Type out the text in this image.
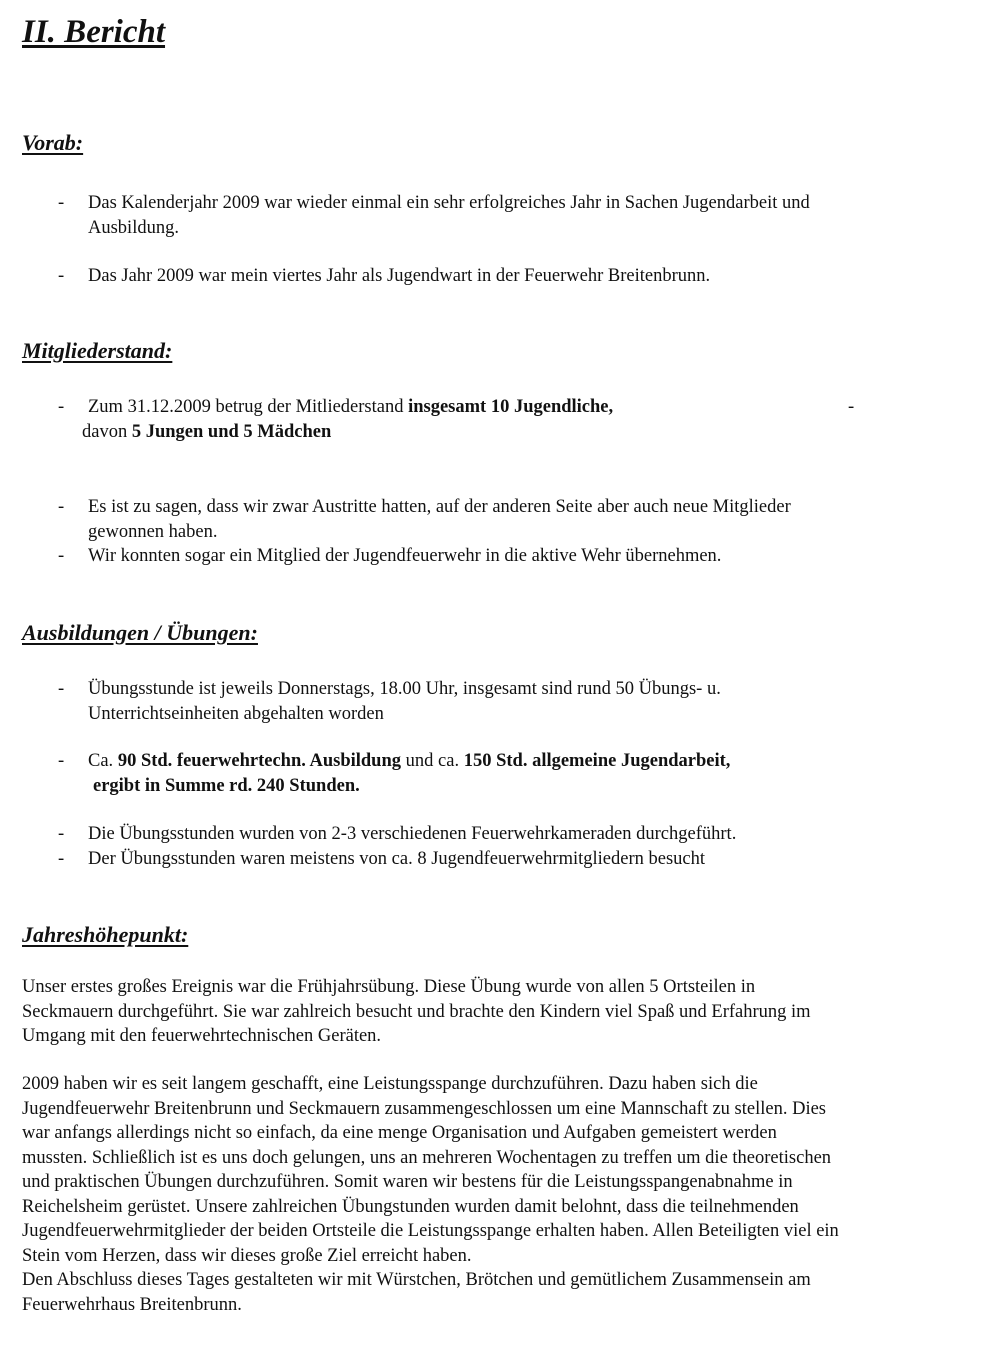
II. Bericht
Vorab:
- Das Kalenderjahr 2009 war wieder einmal ein sehr erfolgreiches Jahr in Sachen Jugendarbeit und
Ausbildung.
- Das Jahr 2009 war mein viertes Jahr als Jugendwart in der Feuerwehr Breitenbrunn.
Mitgliederstand:
- Zum 31.12.2009 betrug der Mitliederstand insgesamt 10 Jugendliche,	-
davon 5 Jungen und 5 Mädchen
- Es ist zu sagen, dass wir zwar Austritte hatten, auf der anderen Seite aber auch neue Mitglieder
gewonnen haben.
- Wir konnten sogar ein Mitglied der Jugendfeuerwehr in die aktive Wehr übernehmen.
Ausbildungen / Übungen:
- Übungsstunde ist jeweils Donnerstags, 18.00 Uhr, insgesamt sind rund 50 Übungs- u.
Unterrichtseinheiten abgehalten worden
- Ca. 90 Std. feuerwehrtechn. Ausbildung und ca. 150 Std. allgemeine Jugendarbeit,
ergibt in Summe rd. 240 Stunden.
- Die Übungsstunden wurden von 2-3 verschiedenen Feuerwehrkameraden durchgeführt.
- Der Übungsstunden waren meistens von ca. 8 Jugendfeuerwehrmitgliedern besucht
Jahreshöhepunkt:
Unser erstes großes Ereignis war die Frühjahrsübung. Diese Übung wurde von allen 5 Ortsteilen in
Seckmauern durchgeführt. Sie war zahlreich besucht und brachte den Kindern viel Spaß und Erfahrung im
Umgang mit den feuerwehrtechnischen Geräten.
2009 haben wir es seit langem geschafft, eine Leistungsspange durchzuführen. Dazu haben sich die
Jugendfeuerwehr Breitenbrunn und Seckmauern zusammengeschlossen um eine Mannschaft zu stellen. Dies
war anfangs allerdings nicht so einfach, da eine menge Organisation und Aufgaben gemeistert werden
mussten. Schließlich ist es uns doch gelungen, uns an mehreren Wochentagen zu treffen um die theoretischen
und praktischen Übungen durchzuführen. Somit waren wir bestens für die Leistungsspangenabnahme in
Reichelsheim gerüstet. Unsere zahlreichen Übungstunden wurden damit belohnt, dass die teilnehmenden
Jugendfeuerwehrmitglieder der beiden Ortsteile die Leistungsspange erhalten haben. Allen Beteiligten viel ein
Stein vom Herzen, dass wir dieses große Ziel erreicht haben.
Den Abschluss dieses Tages gestalteten wir mit Würstchen, Brötchen und gemütlichem Zusammensein am
Feuerwehrhaus Breitenbrunn.
